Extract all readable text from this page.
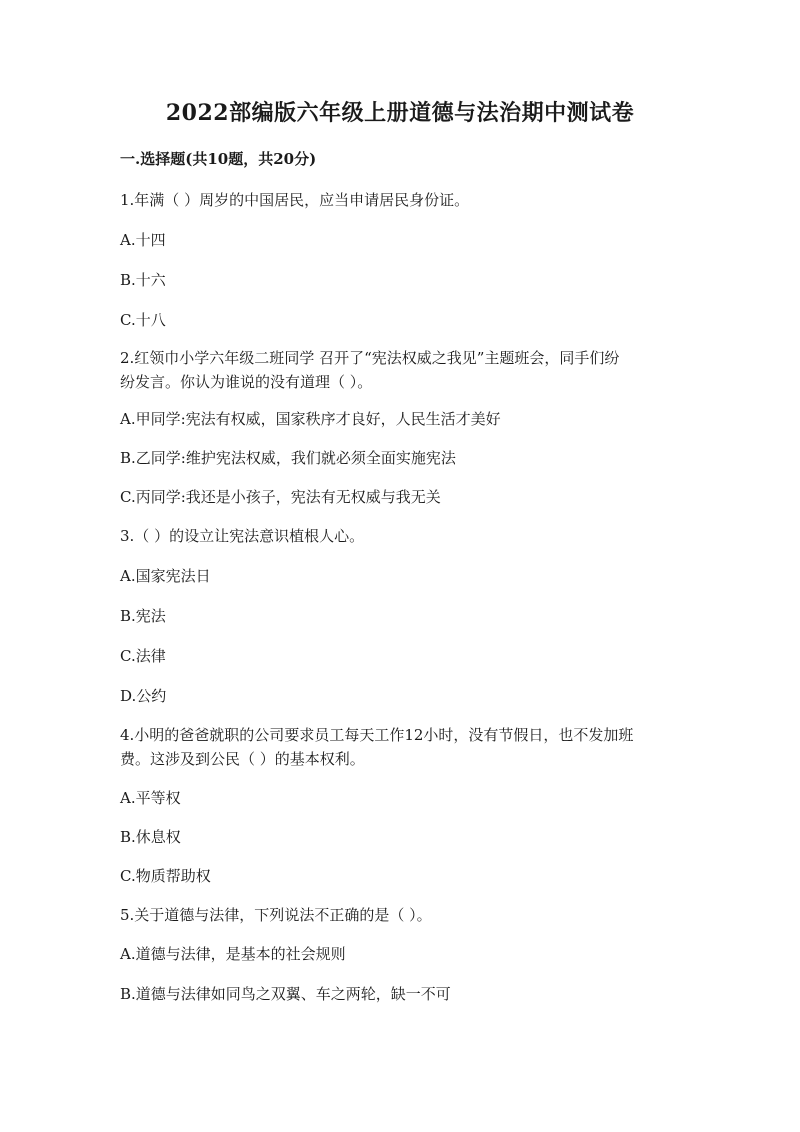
2022部编版六年级上册道德与法治期中测试卷
一.选择题(共10题，共20分)
1.年满（ ）周岁的中国居民，应当申请居民身份证。
A.十四
B.十六
C.十八
2.红领巾小学六年级二班同学 召开了“宪法权威之我见”主题班会，同手们纷
纷发言。你认为谁说的没有道理（ ）。
A.甲同学:宪法有权威，国家秩序才良好，人民生活才美好
B.乙同学:维护宪法权威，我们就必须全面实施宪法
C.丙同学:我还是小孩子，宪法有无权威与我无关
3.（ ）的设立让宪法意识植根人心。
A.国家宪法日
B.宪法
C.法律
D.公约
4.小明的爸爸就职的公司要求员工每天工作12小时，没有节假日，也不发加班
费。这涉及到公民（ ）的基本权利。
A.平等权
B.休息权
C.物质帮助权
5.关于道德与法律，下列说法不正确的是（ ）。
A.道德与法律，是基本的社会规则
B.道德与法律如同鸟之双翼、车之两轮，缺一不可
